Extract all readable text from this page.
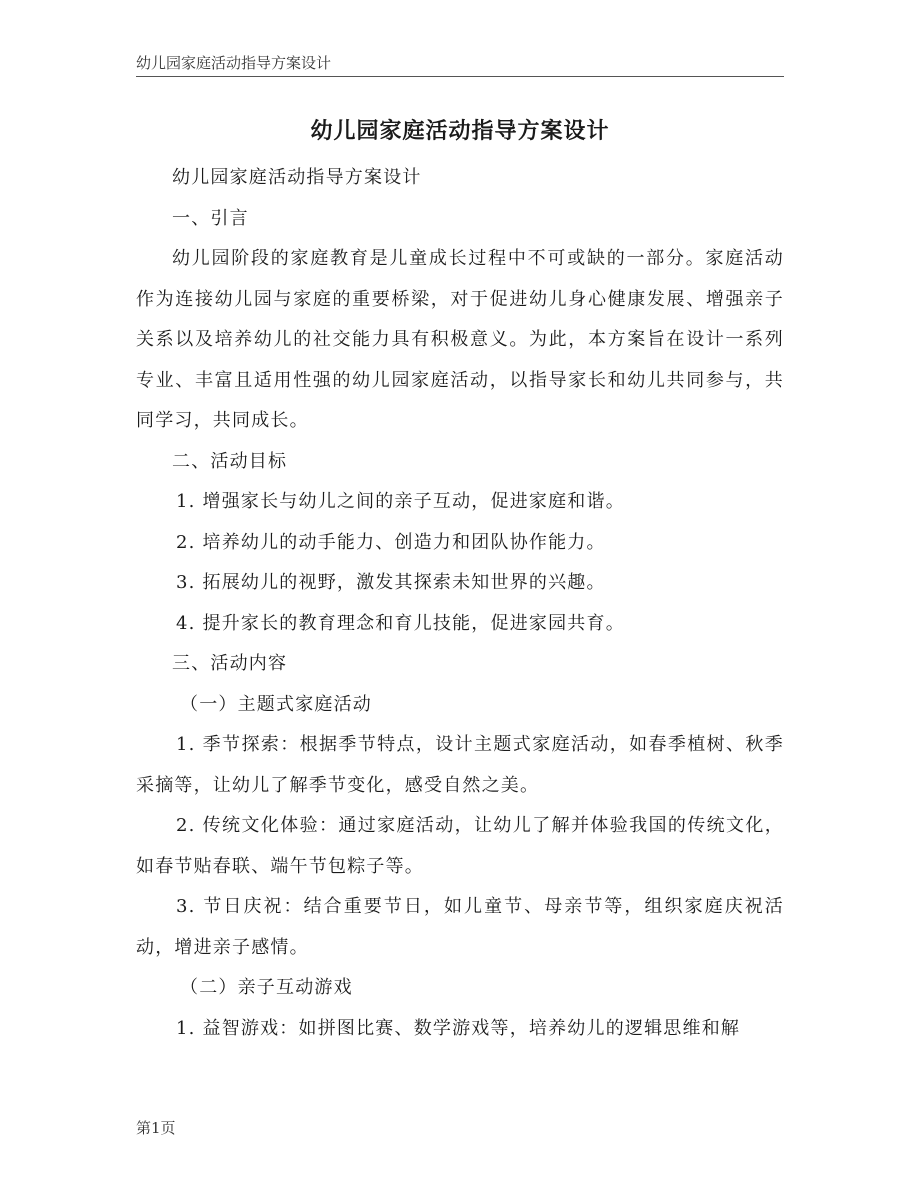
幼儿园家庭活动指导方案设计
幼儿园家庭活动指导方案设计

幼儿园家庭活动指导方案设计

一、引言

幼儿园阶段的家庭教育是儿童成长过程中不可或缺的一部分。家庭活动作为连接幼儿园与家庭的重要桥梁，对于促进幼儿身心健康发展、增强亲子关系以及培养幼儿的社交能力具有积极意义。为此，本方案旨在设计一系列专业、丰富且适用性强的幼儿园家庭活动，以指导家长和幼儿共同参与，共同学习，共同成长。

二、活动目标

1. 增强家长与幼儿之间的亲子互动，促进家庭和谐。

2. 培养幼儿的动手能力、创造力和团队协作能力。

3. 拓展幼儿的视野，激发其探索未知世界的兴趣。

4. 提升家长的教育理念和育儿技能，促进家园共育。

三、活动内容

（一）主题式家庭活动

1. 季节探索：根据季节特点，设计主题式家庭活动，如春季植树、秋季采摘等，让幼儿了解季节变化，感受自然之美。

2. 传统文化体验：通过家庭活动，让幼儿了解并体验我国的传统文化，如春节贴春联、端午节包粽子等。

3. 节日庆祝：结合重要节日，如儿童节、母亲节等，组织家庭庆祝活动，增进亲子感情。

（二）亲子互动游戏

1. 益智游戏：如拼图比赛、数学游戏等，培养幼儿的逻辑思维和解

第1页
